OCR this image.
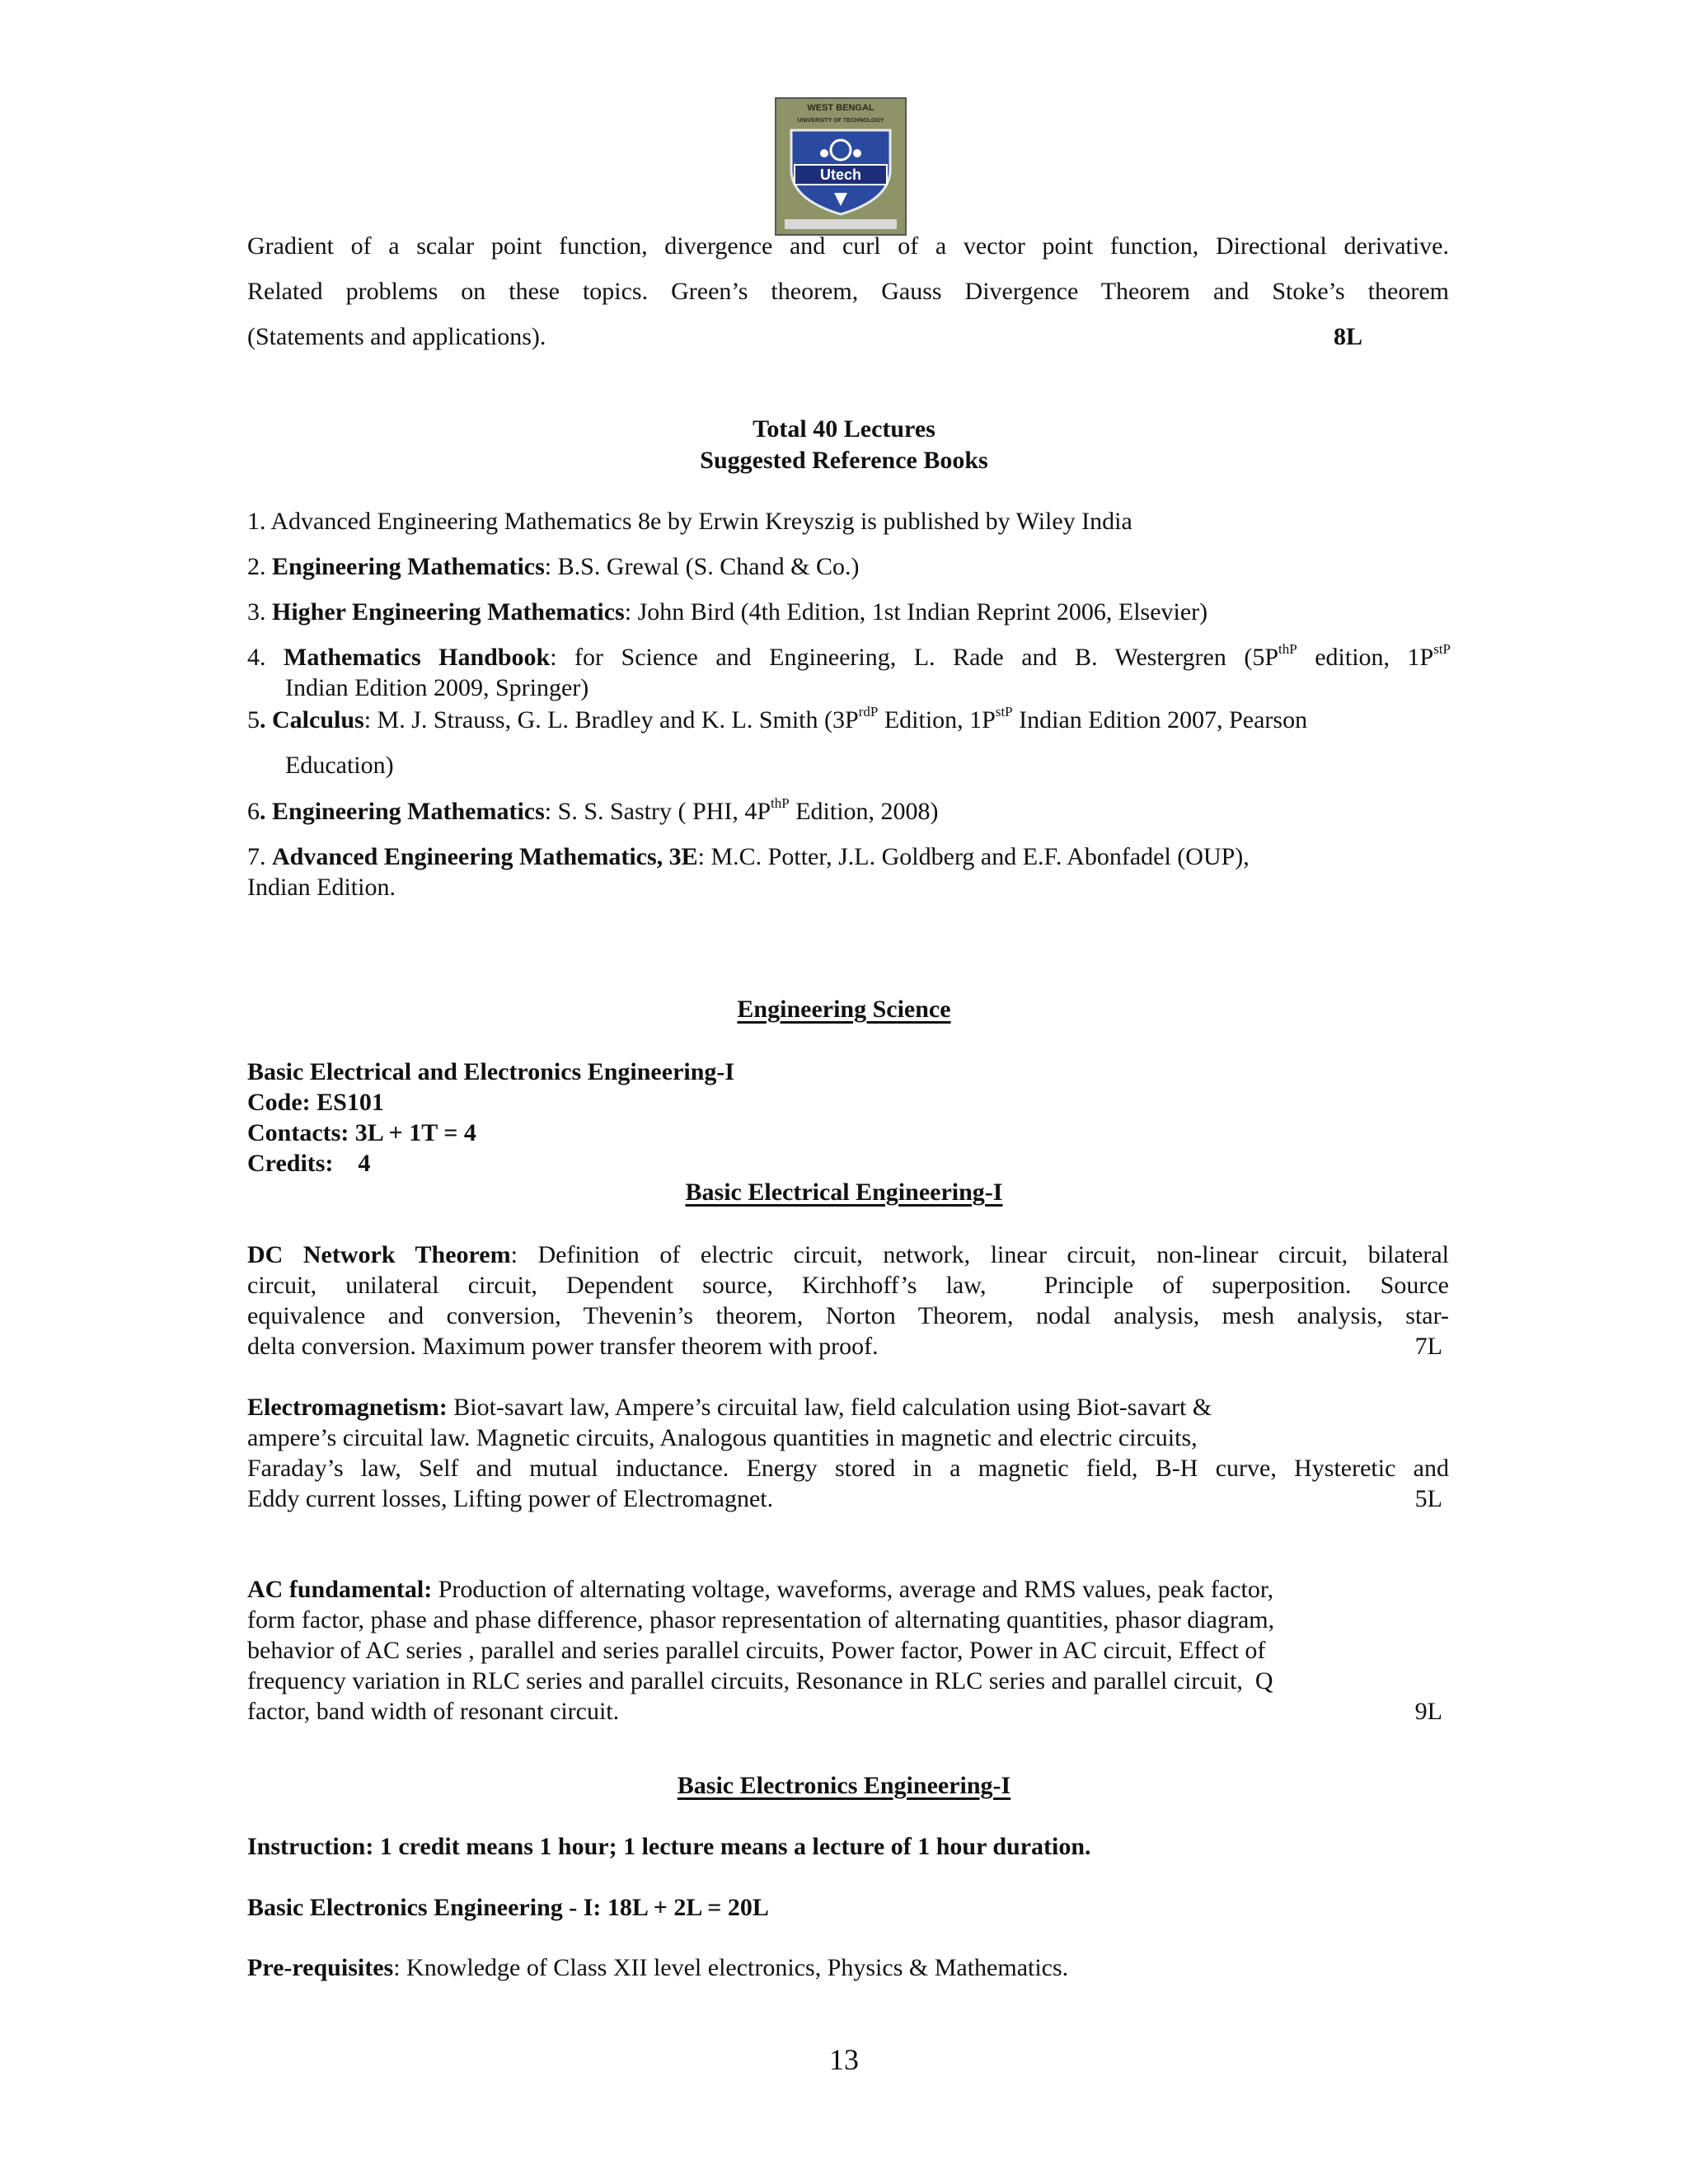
WEST BENGAL
UNIVERSITY OF TECHNOLOGY
Utech
Gradient of a scalar point function, divergence and curl of a vector point function, Directional derivative.
Related problems on these topics. Green’s theorem, Gauss Divergence Theorem and Stoke’s theorem
(Statements and applications).	8L
Total 40 Lectures
Suggested Reference Books
1. Advanced Engineering Mathematics 8e by Erwin Kreyszig is published by Wiley India
2. Engineering Mathematics: B.S. Grewal (S. Chand & Co.)
3. Higher Engineering Mathematics: John Bird (4th Edition, 1st Indian Reprint 2006, Elsevier)
4. Mathematics Handbook: for Science and Engineering, L. Rade and B. Westergren ($5P^{thP}$ edition, $1P^{stP}$
Indian Edition 2009, Springer)
5. Calculus: M. J. Strauss, G. L. Bradley and K. L. Smith ($3P^{rdP}$ Edition, $1P^{stP}$ Indian Edition 2007, Pearson
Education)
6. Engineering Mathematics: S. S. Sastry ( PHI, $4P^{thP}$ Edition, 2008)
7. Advanced Engineering Mathematics, 3E: M.C. Potter, J.L. Goldberg and E.F. Abonfadel (OUP),
Indian Edition.
Engineering Science
Basic Electrical and Electronics Engineering-I
Code: ES101
Contacts: 3L + 1T = 4
Credits:    4
Basic Electrical Engineering-I
DC Network Theorem: Definition of electric circuit, network, linear circuit, non-linear circuit, bilateral
circuit, unilateral circuit, Dependent source, Kirchhoff’s law,  Principle of superposition. Source
equivalence and conversion, Thevenin’s theorem, Norton Theorem, nodal analysis, mesh analysis, star-
delta conversion. Maximum power transfer theorem with proof.	7L
Electromagnetism: Biot-savart law, Ampere’s circuital law, field calculation using Biot-savart &
ampere’s circuital law. Magnetic circuits, Analogous quantities in magnetic and electric circuits,
Faraday’s law, Self and mutual inductance. Energy stored in a magnetic field, B-H curve, Hysteretic and
Eddy current losses, Lifting power of Electromagnet.	5L
AC fundamental: Production of alternating voltage, waveforms, average and RMS values, peak factor,
form factor, phase and phase difference, phasor representation of alternating quantities, phasor diagram,
behavior of AC series , parallel and series parallel circuits, Power factor, Power in AC circuit, Effect of
frequency variation in RLC series and parallel circuits, Resonance in RLC series and parallel circuit,  Q
factor, band width of resonant circuit.	9L
Basic Electronics Engineering-I
Instruction: 1 credit means 1 hour; 1 lecture means a lecture of 1 hour duration.
Basic Electronics Engineering - I: 18L + 2L = 20L
Pre-requisites: Knowledge of Class XII level electronics, Physics & Mathematics.
13
